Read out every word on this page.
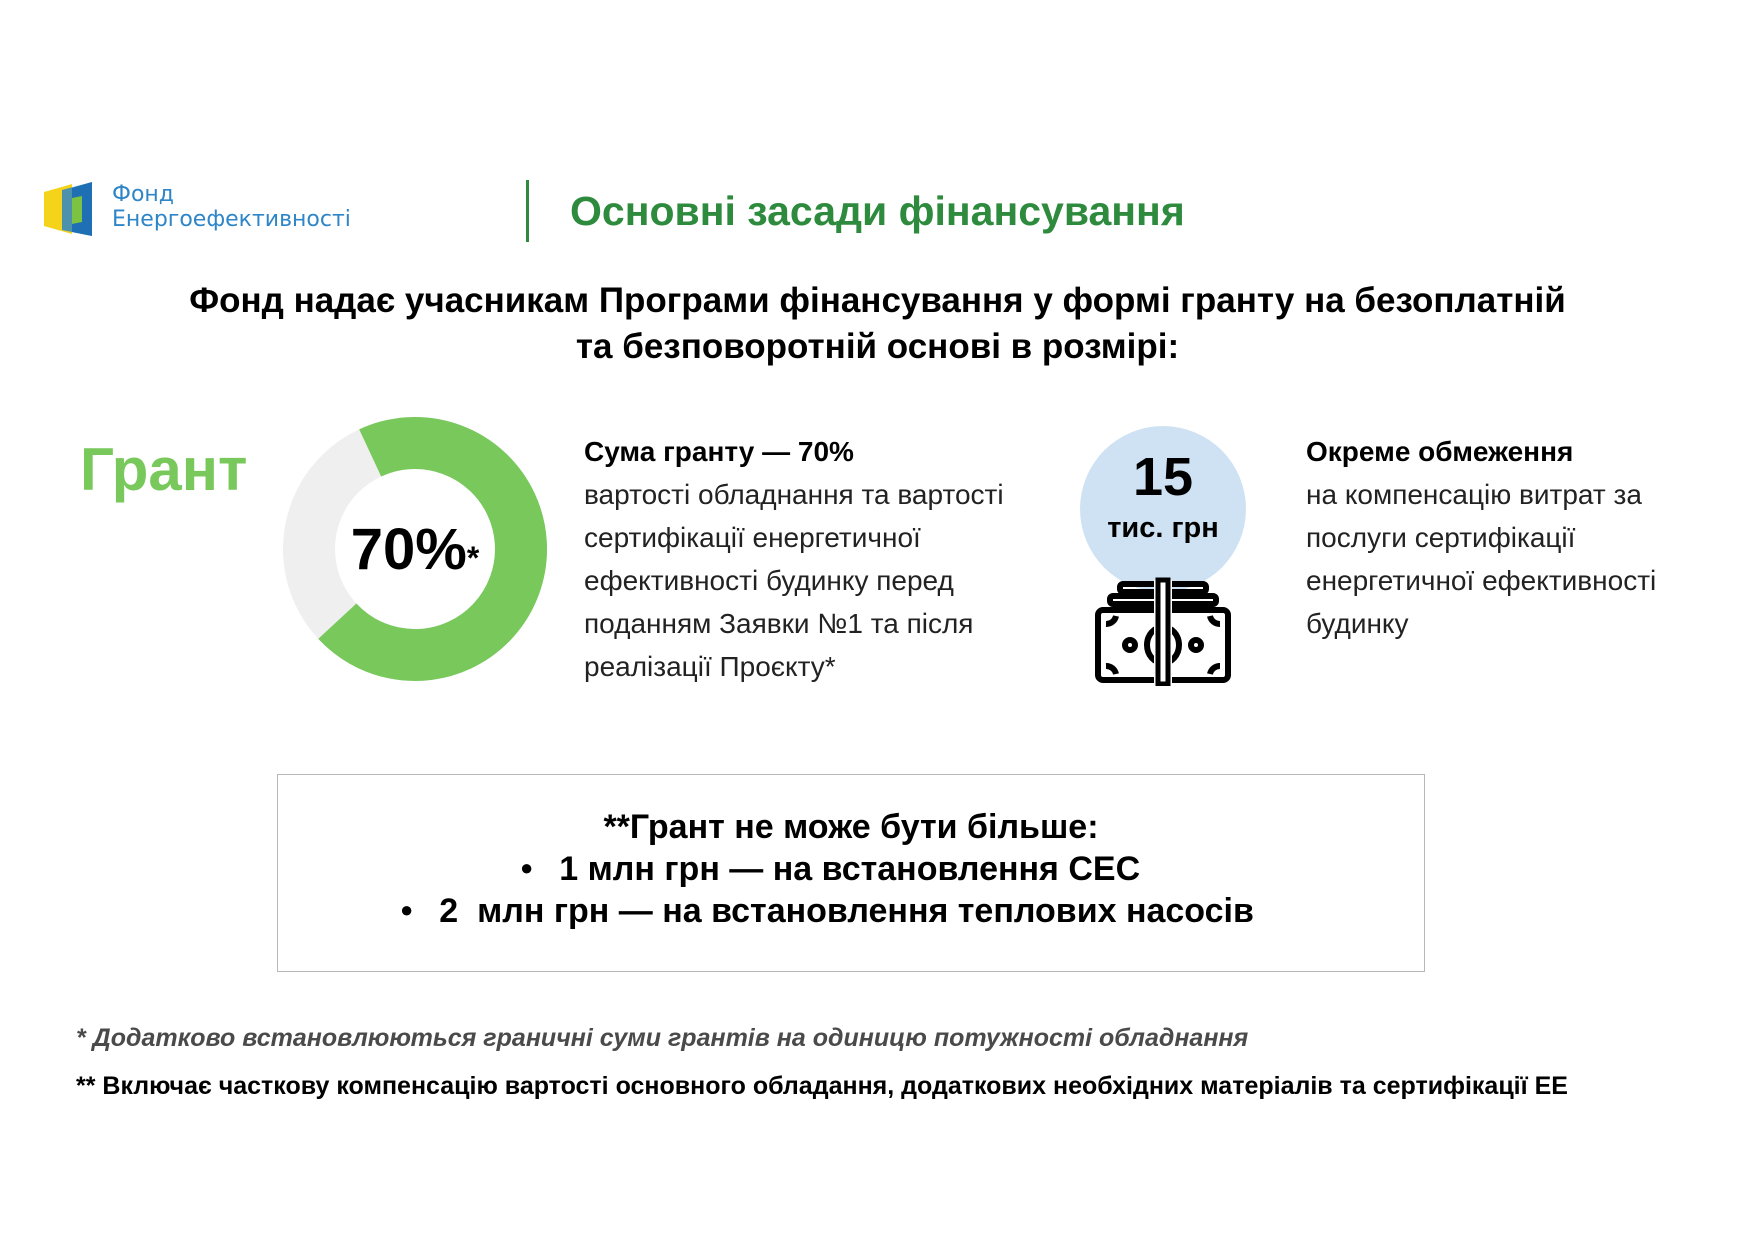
Фонд
Енергоефективності	Основні засади фінансування
Фонд надає учасникам Програми фінансування у формі гранту на безоплатній
та безповоротній основі в розмірі:
Грант
70%*
Сума гранту — 70%
вартості обладнання та вартості сертифікації енергетичної ефективності будинку перед поданням Заявки №1 та після реалізації Проєкту*
15
тис. грн
Окреме обмеження
на компенсацію витрат за послуги сертифікації енергетичної ефективності будинку
**Грант не може бути більше:
● 1 млн грн — на встановлення СЕС
● 2  млн грн — на встановлення теплових насосів
* Додатково встановлюються граничні суми грантів на одиницю потужності обладнання
** Включає часткову компенсацію вартості основного обладання, додаткових необхідних матеріалів та сертифікації ЕЕ
